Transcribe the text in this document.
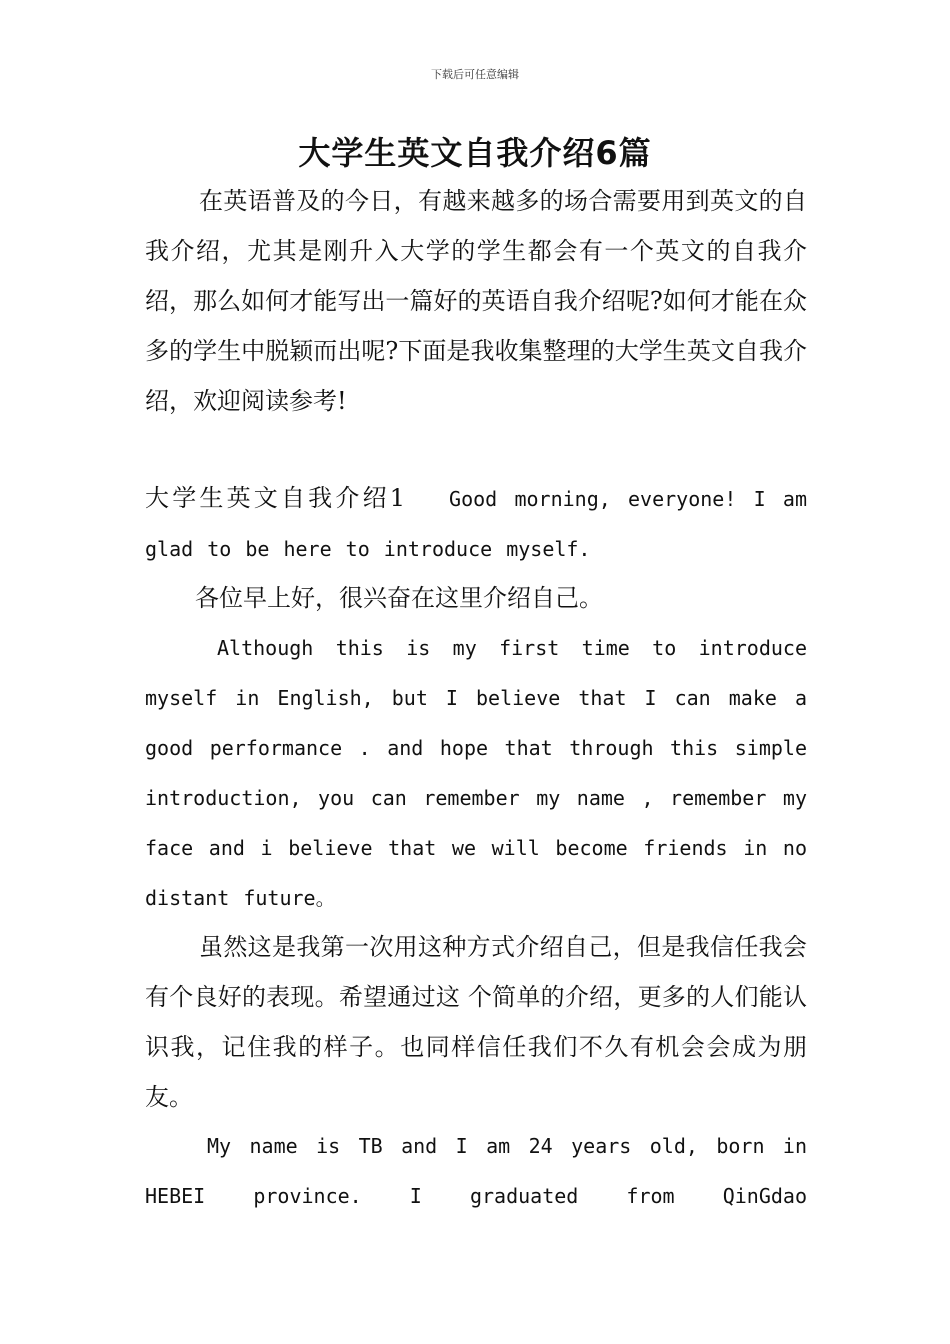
下载后可任意编辑
大学生英文自我介绍6篇

在英语普及的今日，有越来越多的场合需要用到英文的自我介绍，尤其是刚升入大学的学生都会有一个英文的自我介绍，那么如何才能写出一篇好的英语自我介绍呢?如何才能在众多的学生中脱颖而出呢?下面是我收集整理的大学生英文自我介绍，欢迎阅读参考!

大学生英文自我介绍1 Good morning, everyone! I am glad to be here to introduce myself.

各位早上好，很兴奋在这里介绍自己。

Although this is my first time to introduce myself in English, but I believe that I can make a good performance . and hope that through this simple introduction, you can remember my name , remember my face and i believe that we will become friends in no distant future。

虽然这是我第一次用这种方式介绍自己，但是我信任我会有个良好的表现。希望通过这 个简单的介绍，更多的人们能认识我，记住我的样子。也同样信任我们不久有机会会成为朋 友。

My name is TB and I am 24 years old, born in HEBEI province. I graduated from QinGdao
